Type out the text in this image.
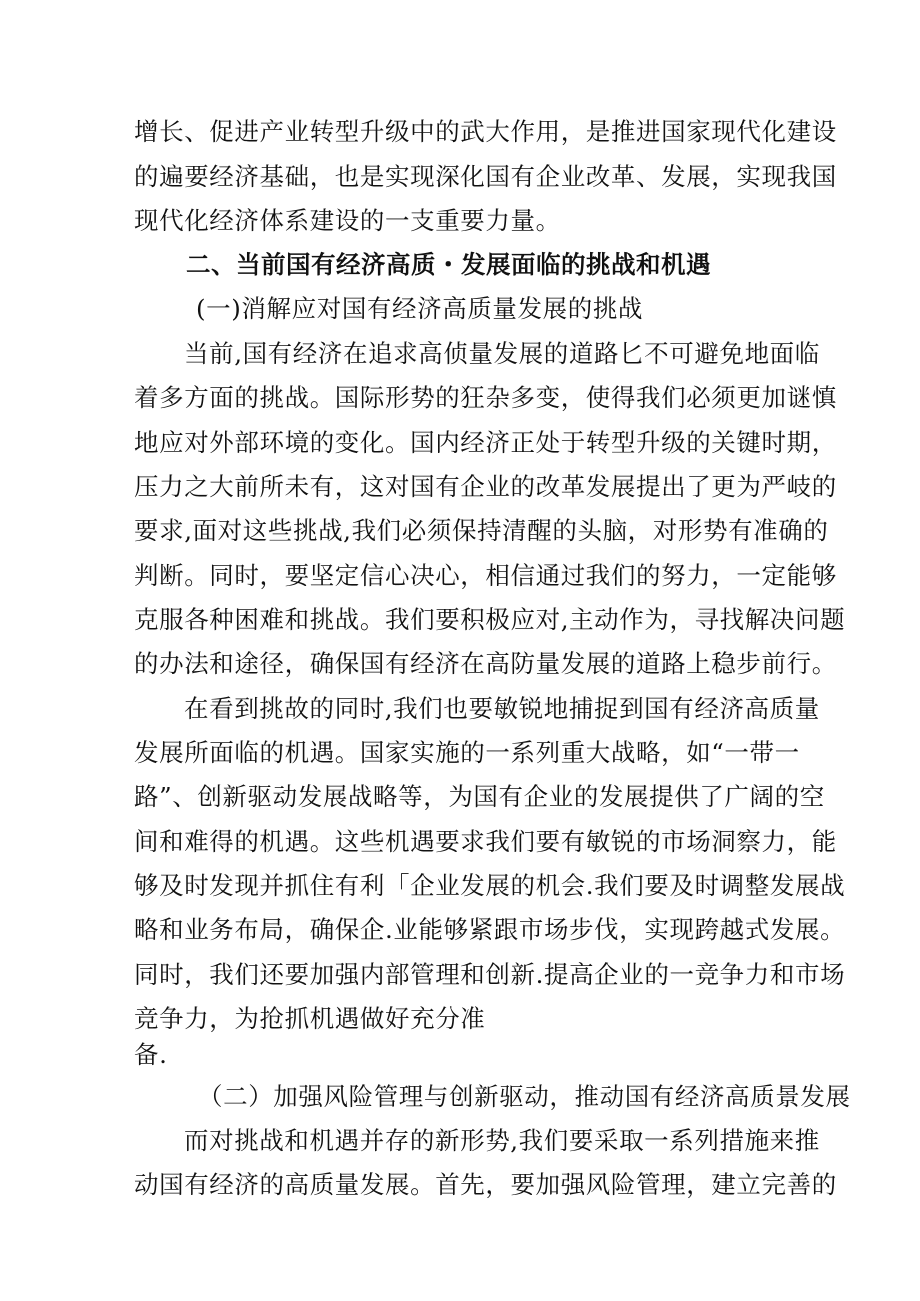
增长、促进产业转型升级中的武大作用，是推进国家现代化建设
的遍要经济基础，也是实现深化国有企业改革、发展，实现我国
现代化经济体系建设的一支重要力量。
二、当前国有经济高质・发展面临的挑战和机遇
(一)消解应对国有经济高质量发展的挑战
当前,国有经济在追求高侦量发展的道路匕不可避免地面临
着多方面的挑战。国际形势的狂杂多变，使得我们必须更加谜慎
地应对外部环境的变化。国内经济正处于转型升级的关键时期，
压力之大前所未有，这对国有企业的改革发展提出了更为严岐的
要求,面对这些挑战,我们必须保持清醒的头脑，对形势有准确的
判断。同时，要坚定信心决心，相信通过我们的努力，一定能够
克服各种困难和挑战。我们要积极应对,主动作为，寻找解决问题
的办法和途径，确保国有经济在高防量发展的道路上稳步前行。
在看到挑故的同时,我们也要敏锐地捕捉到国有经济高质量
发展所面临的机遇。国家实施的一系列重大战略，如“一带一
路”、创新驱动发展战略等，为国有企业的发展提供了广阔的空
间和难得的机遇。这些机遇要求我们要有敏锐的市场洞察力，能
够及时发现并抓住有利「企业发展的机会.我们要及时调整发展战
略和业务布局，确保企.业能够紧跟市场步伐，实现跨越式发展。
同时，我们还要加强内部管理和创新.提高企业的一竞争力和市场
竞争力，为抢抓机遇做好充分准
备.
（二）加强风险管理与创新驱动，推动国有经济高质景发展
而对挑战和机遇并存的新形势,我们要采取一系列措施来推
动国有经济的高质量发展。首先，要加强风险管理，建立完善的
